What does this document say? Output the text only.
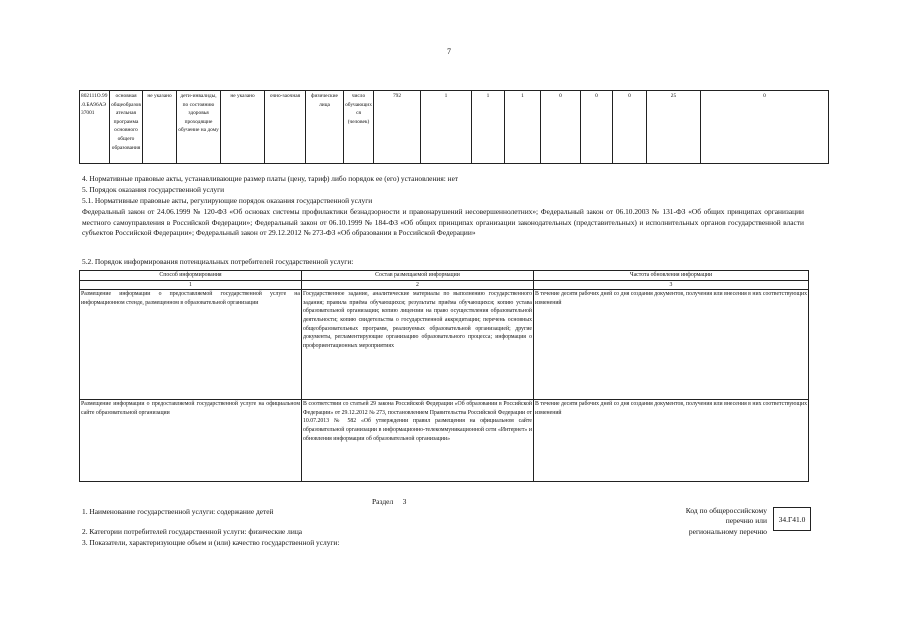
7
802111О.99.0.БА96АЭ37001	основная общеобразовательная программа основного общего образования	не указано	дети-инвалиды, по состоянию здоровья проходящие обучение на дому	не указано	очно-заочная	физические лица	число обучающихся (человек)	792	1	1	1	0	0	0	25	0
4. Нормативные правовые акты, устанавливающие размер платы (цену, тариф) либо порядок ее (его) установления: нет
5. Порядок оказания государственной услуги
5.1. Нормативные правовые акты, регулирующие порядок оказания государственной услуги
Федеральный закон от 24.06.1999 № 120-ФЗ «Об основах системы профилактики безнадзорности и правонарушений несовершеннолетних»; Федеральный закон от 06.10.2003 № 131-ФЗ «Об общих принципах организации местного самоуправления в Российской Федерации»; Федеральный закон от 06.10.1999 № 184-ФЗ «Об общих принципах организации законодательных (представительных) и исполнительных органов государственной власти субъектов Российской Федерации»; Федеральный закон от 29.12.2012 № 273-ФЗ «Об образовании в Российской Федерации»
5.2. Порядок информирования потенциальных потребителей государственной услуги:
Способ информирования	Состав размещаемой информации	Частота обновления информации
1	2	3
Размещение информации о предоставляемой государственной услуге на информационном стенде, размещенном в образовательной организации	Государственное задание, аналитические материалы по выполнению государственного задания; правила приёма обучающихся; результаты приёма обучающихся; копию устава образовательной организации; копию лицензии на право осуществления образовательной деятельности; копию свидетельства о государственной аккредитации; перечень основных общеобразовательных программ, реализуемых образовательной организацией; другие документы, регламентирующие организацию образовательного процесса; информация о профориентационных мероприятиях	В течение десяти рабочих дней со дня создания документов, получения или внесения в них соответствующих изменений
Размещение информации о предоставляемой государственной услуге на официальном сайте образовательной организации	В соответствии со статьей 29 закона Российской Федерации «Об образовании в Российской Федерации» от 29.12.2012 № 273, постановлением Правительства Российской Федерации от 10.07.2013 № 582 «Об утверждении правил размещения на официальном сайте образовательной организации в информационно-телекоммуникационной сети «Интернет» и обновления информации об образовательной организации»	В течение десяти рабочих дней со дня создания документов, получения или внесения в них соответствующих изменений
Раздел     3
1. Наименование государственной услуги: содержание детей
2. Категории потребителей государственной услуги: физические лица
3. Показатели, характеризующие объем и (или) качество государственной услуги:
Код по общероссийскому
перечню или
региональному перечню
34.Г41.0
